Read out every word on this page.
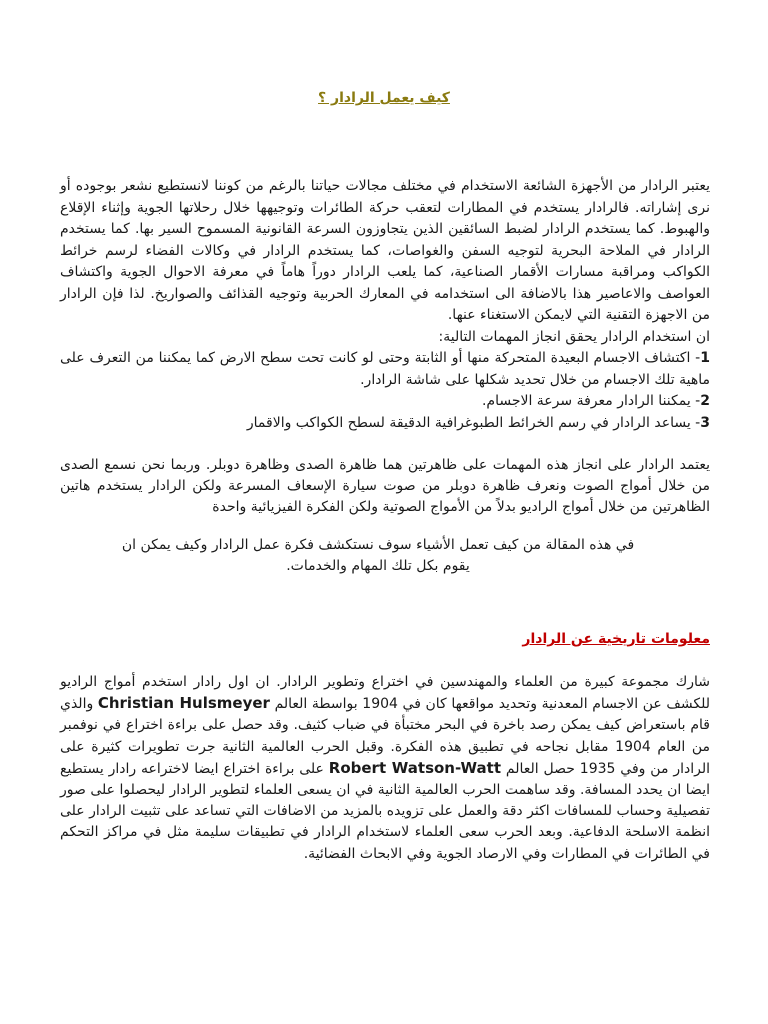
كيف يعمل الرادار ؟
يعتبر الرادار من الأجهزة الشائعة الاستخدام في مختلف مجالات حياتنا بالرغم من كوننا لانستطيع نشعر بوجوده أو نرى إشاراته. فالرادار يستخدم في المطارات لتعقب حركة الطائرات وتوجيهها خلال رحلاتها الجوية وإثناء الإقلاع والهبوط. كما يستخدم الرادار لضبط السائقين الذين يتجاوزون السرعة القانونية المسموح السير بها. كما يستخدم الرادار في الملاحة البحرية لتوجيه السفن والغواصات، كما يستخدم الرادار في وكالات الفضاء لرسم خرائط الكواكب ومراقبة مسارات الأقمار الصناعية، كما يلعب الرادار دوراً هاماً في معرفة الاحوال الجوية واكتشاف العواصف والاعاصير هذا بالاضافة الى استخدامه في المعارك الحربية وتوجيه القذائف والصواريخ. لذا فإن الرادار من الاجهزة التقنية التي لايمكن الاستغناء عنها.
ان استخدام الرادار يحقق انجاز المهمات التالية:
1- اكتشاف الاجسام البعيدة المتحركة منها أو الثابتة وحتى لو كانت تحت سطح الارض كما يمكننا من التعرف على ماهية تلك الاجسام من خلال تحديد شكلها على شاشة الرادار.
2- يمكننا الرادار معرفة سرعة الاجسام.
3- يساعد الرادار في رسم الخرائط الطبوغرافية الدقيقة لسطح الكواكب والاقمار
يعتمد الرادار على انجاز هذه المهمات على ظاهرتين هما ظاهرة الصدى وظاهرة دوبلر. وربما نحن نسمع الصدى من خلال أمواج الصوت ونعرف ظاهرة دوبلر من صوت سيارة الإسعاف المسرعة ولكن الرادار يستخدم هاتين الظاهرتين من خلال أمواج الراديو بدلاً من الأمواج الصوتية ولكن الفكرة الفيزيائية واحدة
في هذه المقالة من كيف تعمل الأشياء سوف نستكشف فكرة عمل الرادار وكيف يمكن ان يقوم بكل تلك المهام والخدمات.
معلومات تاريخية عن الرادار
شارك مجموعة كبيرة من العلماء والمهندسين في اختراع وتطوير الرادار. ان اول رادار استخدم أمواج الراديو للكشف عن الاجسام المعدنية وتحديد مواقعها كان في 1904 بواسطة العالم Christian Hulsmeyer والذي قام باستعراض كيف يمكن رصد باخرة في البحر مختبأة في ضباب كثيف. وقد حصل على براءة اختراع في نوفمبر من العام 1904 مقابل نجاحه في تطبيق هذه الفكرة. وقبل الحرب العالمية الثانية جرت تطويرات كثيرة على الرادار من وفي 1935 حصل العالم Robert Watson-Watt على براءة اختراع ايضا لاختراعه رادار يستطيع ايضا ان يحدد المسافة. وقد ساهمت الحرب العالمية الثانية في ان يسعى العلماء لتطوير الرادار ليحصلوا على صور تفصيلية وحساب للمسافات اكثر دقة والعمل على تزويده بالمزيد من الاضافات التي تساعد على تثبيت الرادار على انظمة الاسلحة الدفاعية. وبعد الحرب سعى العلماء لاستخدام الرادار في تطبيقات سليمة مثل في مراكز التحكم في الطائرات في المطارات وفي الارصاد الجوية وفي الابحاث الفضائية.
